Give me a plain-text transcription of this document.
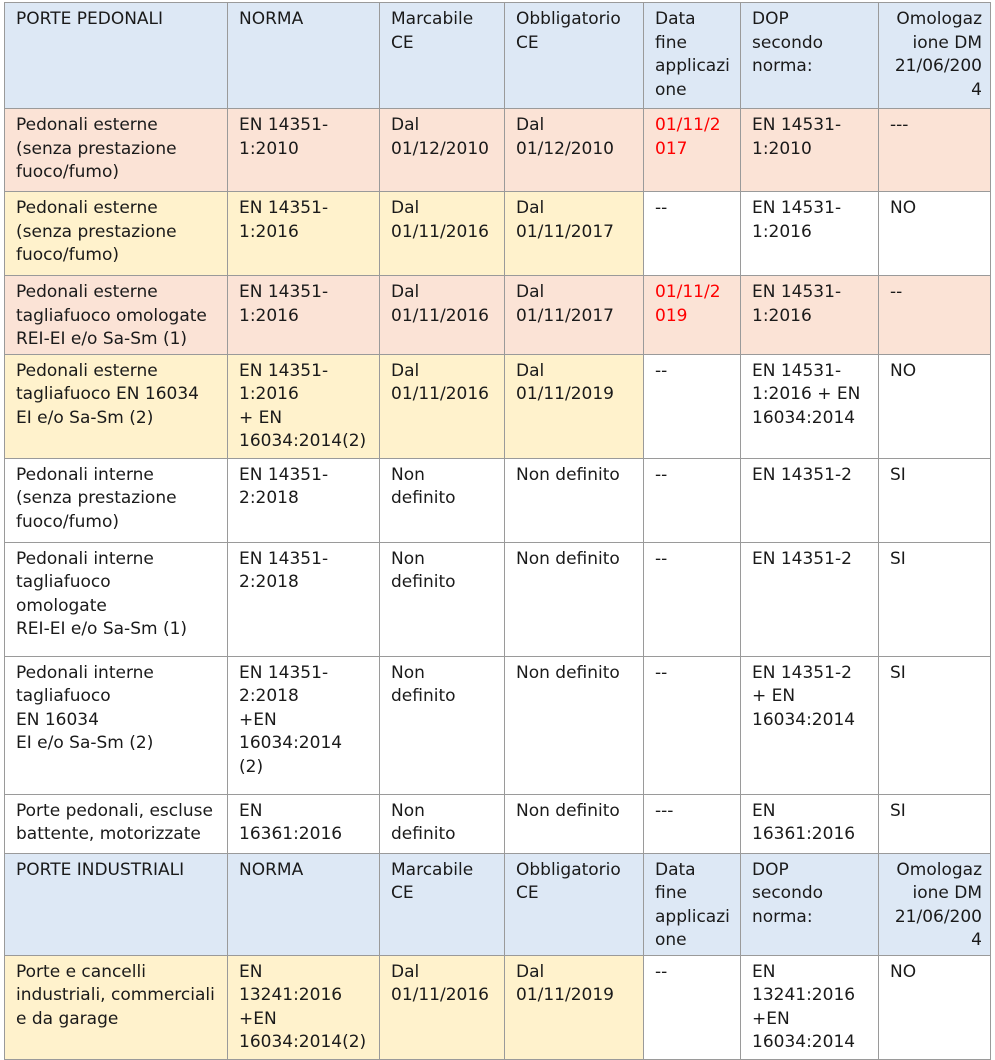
PORTE PEDONALI	NORMA	Marcabile
CE	Obbligatorio
CE	Data
fine
applicazi
one	DOP
secondo
norma:	Omologaz
ione DM
21/06/200
4
Pedonali esterne
(senza prestazione
fuoco/fumo)	EN 14351-
1:2010	Dal
01/12/2010	Dal
01/12/2010	01/11/2
017	EN 14531-
1:2010	---
Pedonali esterne
(senza prestazione
fuoco/fumo)	EN 14351-
1:2016	Dal
01/11/2016	Dal
01/11/2017	--	EN 14531-
1:2016	NO
Pedonali esterne
tagliafuoco omologate
REI-EI e/o Sa-Sm (1)	EN 14351-
1:2016	Dal
01/11/2016	Dal
01/11/2017	01/11/2
019	EN 14531-
1:2016	--
Pedonali esterne
tagliafuoco EN 16034
EI e/o Sa-Sm (2)	EN 14351-
1:2016
+ EN
16034:2014(2)	Dal
01/11/2016	Dal
01/11/2019	--	EN 14531-
1:2016 + EN
16034:2014	NO
Pedonali interne
(senza prestazione
fuoco/fumo)	EN 14351-
2:2018	Non
definito	Non definito	--	EN 14351-2	SI
Pedonali interne
tagliafuoco
omologate
REI-EI e/o Sa-Sm (1)	EN 14351-
2:2018	Non
definito	Non definito	--	EN 14351-2	SI
Pedonali interne
tagliafuoco
EN 16034
EI e/o Sa-Sm (2)	EN 14351-
2:2018
+EN
16034:2014
(2)	Non
definito	Non definito	--	EN 14351-2
+ EN
16034:2014	SI
Porte pedonali, escluse
battente, motorizzate	EN
16361:2016	Non
definito	Non definito	---	EN
16361:2016	SI
PORTE INDUSTRIALI	NORMA	Marcabile
CE	Obbligatorio
CE	Data
fine
applicazi
one	DOP
secondo
norma:	Omologaz
ione DM
21/06/200
4
Porte e cancelli
industriali, commerciali
e da garage	EN
13241:2016
+EN
16034:2014(2)	Dal
01/11/2016	Dal
01/11/2019	--	EN
13241:2016
+EN
16034:2014	NO
